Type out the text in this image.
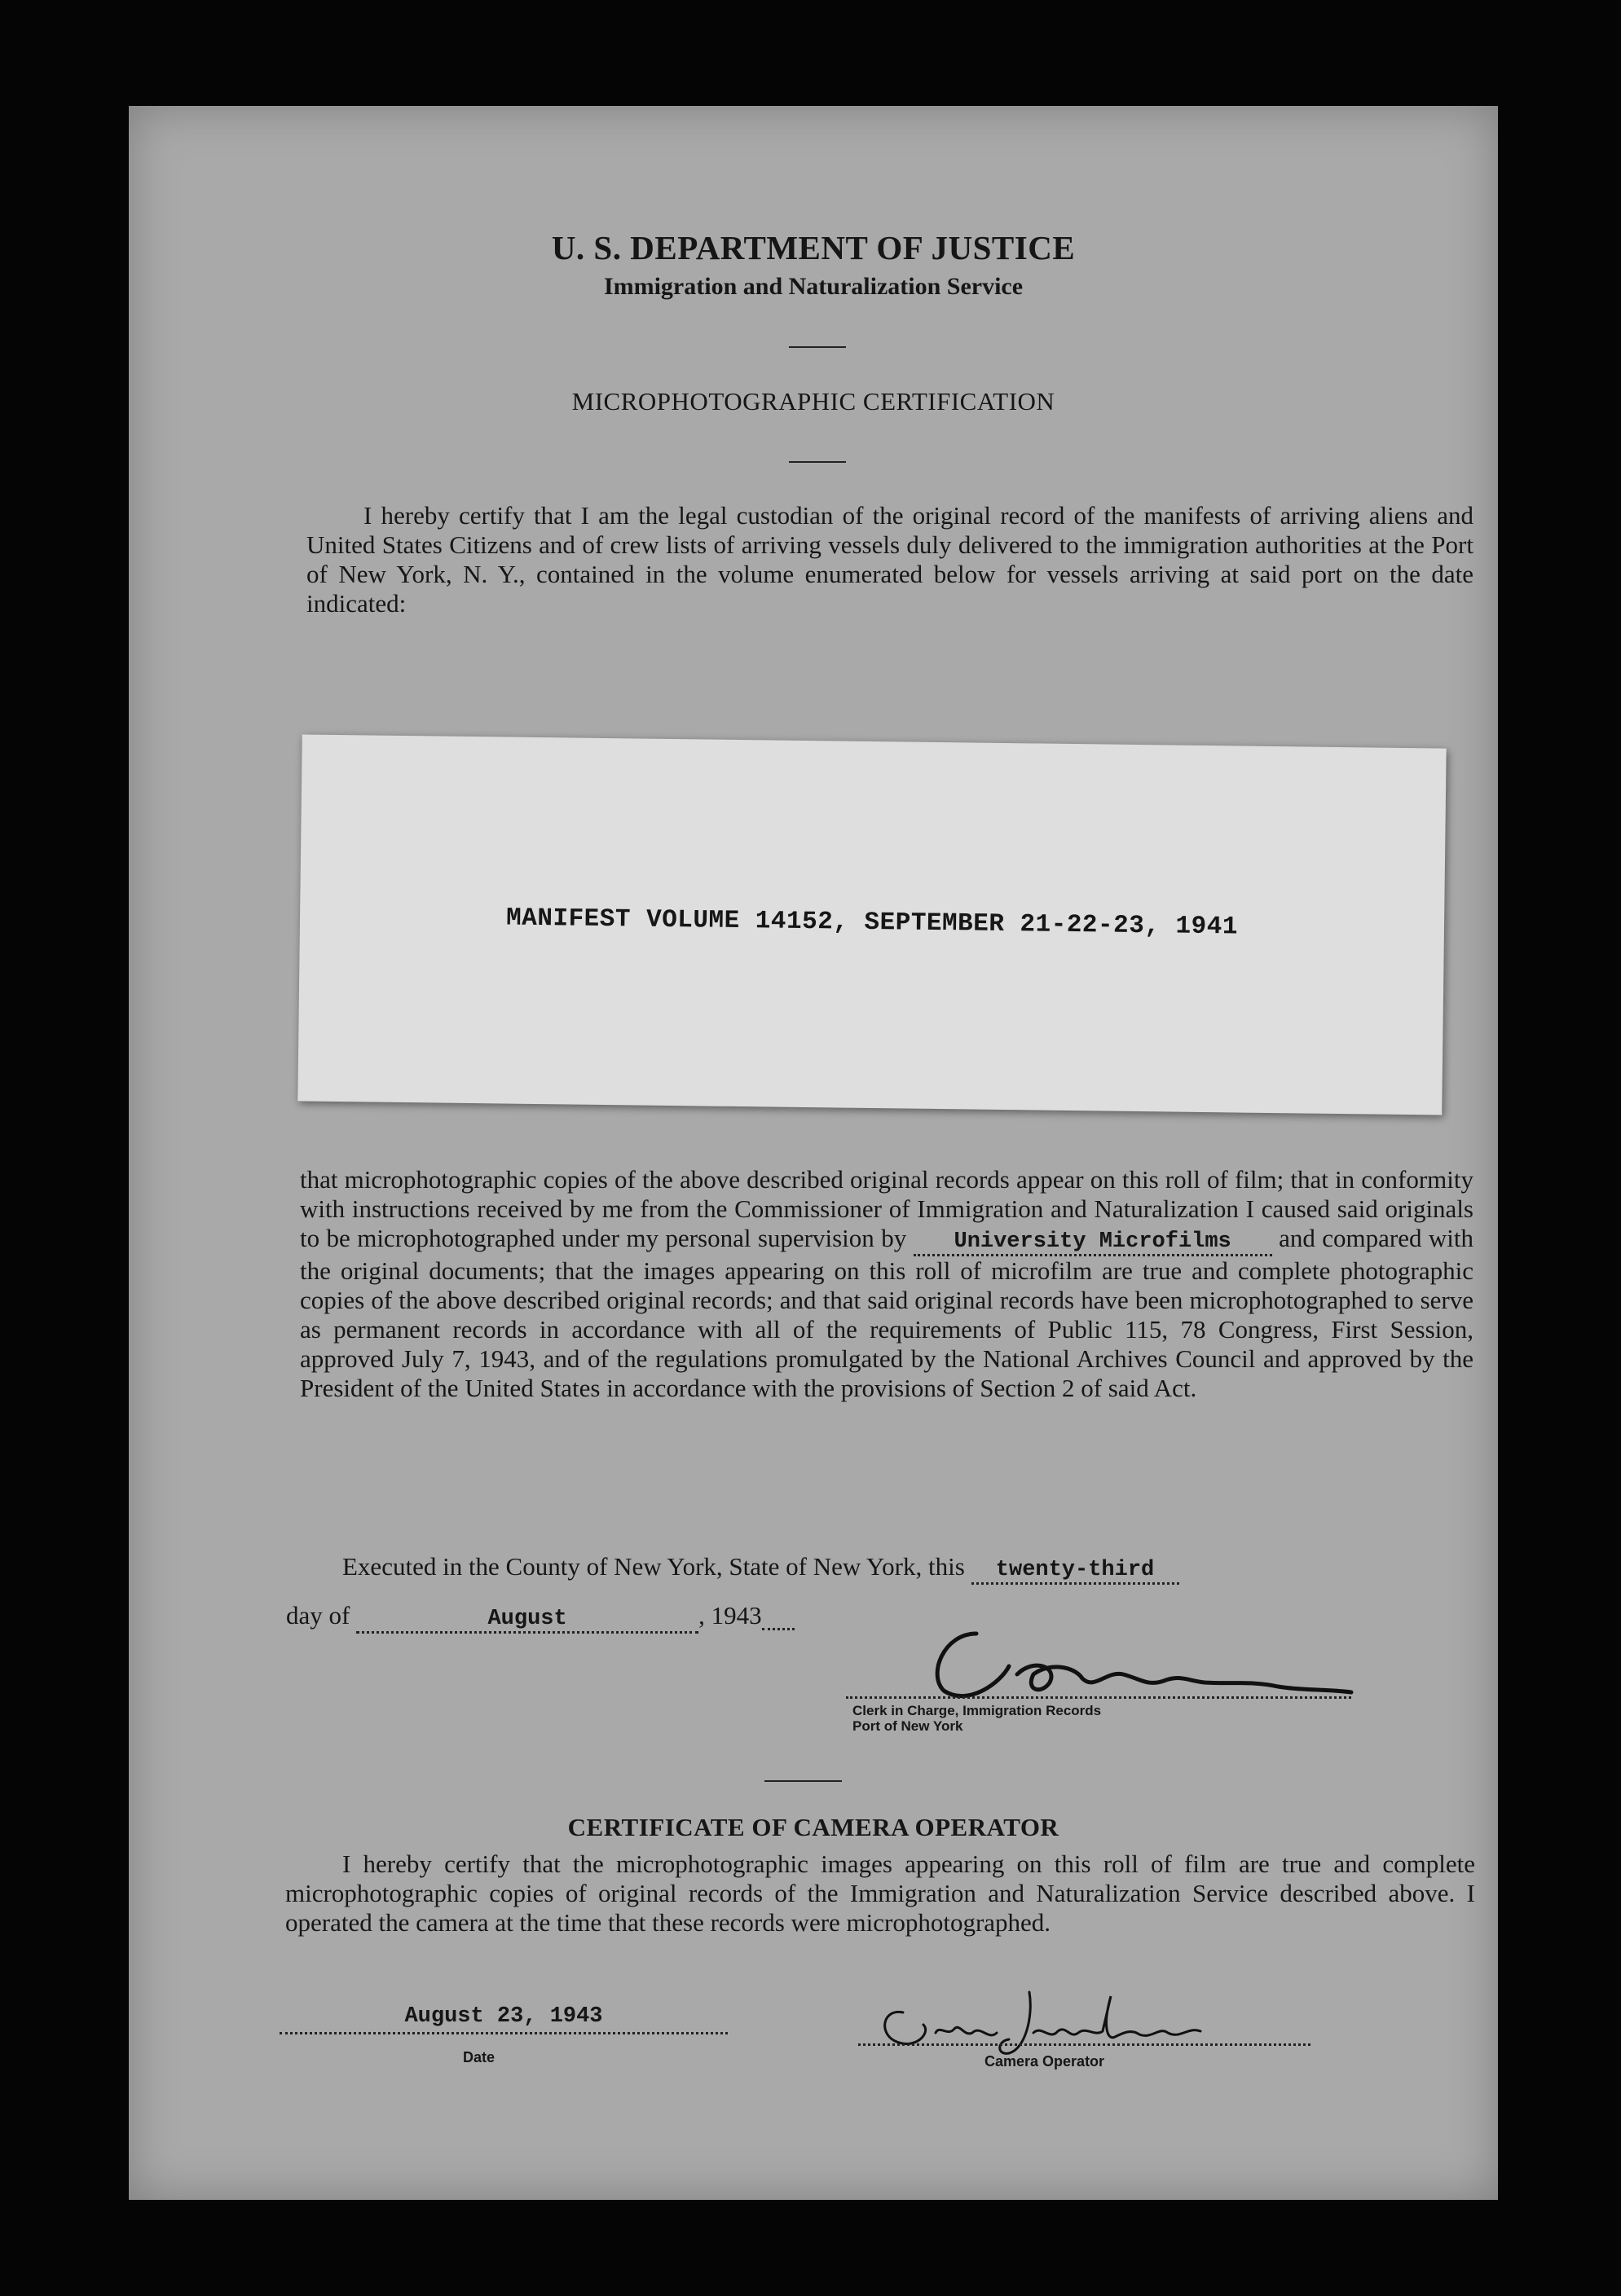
U. S. DEPARTMENT OF JUSTICE
Immigration and Naturalization Service
MICROPHOTOGRAPHIC CERTIFICATION

I hereby certify that I am the legal custodian of the original record of the manifests of arriving aliens and United States Citizens and of crew lists of arriving vessels duly delivered to the immigration authorities at the Port of New York, N. Y., contained in the volume enumerated below for vessels arriving at said port on the date indicated:

MANIFEST VOLUME 14152, SEPTEMBER 21-22-23, 1941

that microphotographic copies of the above described original records appear on this roll of film; that in conformity with instructions received by me from the Commissioner of Immigration and Naturalization I caused said originals to be microphotographed under my personal supervision by University Microfilms and compared with the original documents; that the images appearing on this roll of microfilm are true and complete photographic copies of the above described original records; and that said original records have been microphotographed to serve as permanent records in accordance with all of the requirements of Public 115, 78 Congress, First Session, approved July 7, 1943, and of the regulations promulgated by the National Archives Council and approved by the President of the United States in accordance with the provisions of Section 2 of said Act.

Executed in the County of New York, State of New York, this twenty-third
day of	August	, 1943
Clerk in Charge, Immigration Records
Port of New York
CERTIFICATE OF CAMERA OPERATOR

I hereby certify that the microphotographic images appearing on this roll of film are true and complete microphotographic copies of original records of the Immigration and Naturalization Service described above. I operated the camera at the time that these records were microphotographed.

August 23, 1943
Date	Camera Operator
